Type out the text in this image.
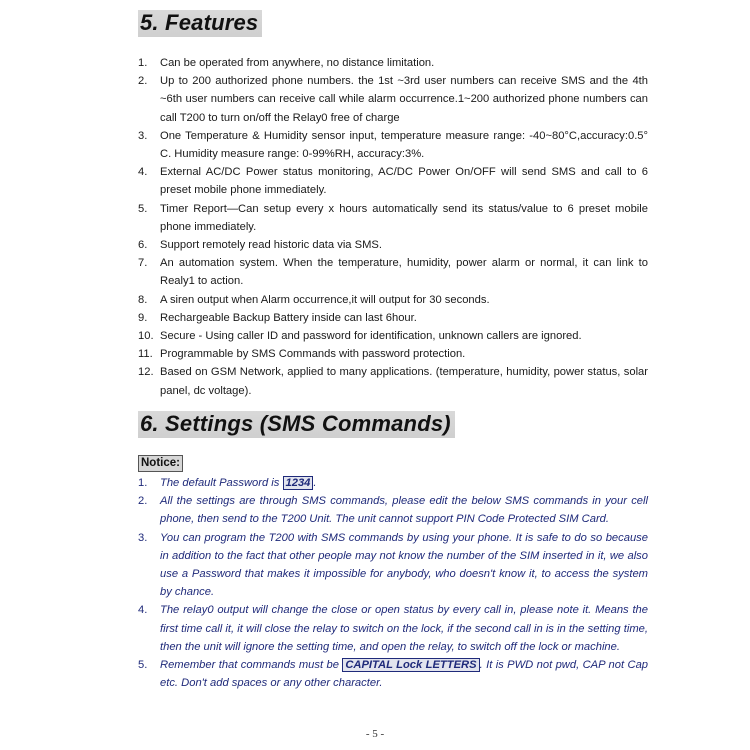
5. Features
1. Can be operated from anywhere, no distance limitation.
2. Up to 200 authorized phone numbers. the 1st ~3rd user numbers can receive SMS and the 4th ~6th user numbers can receive call while alarm occurrence.1~200 authorized phone numbers can call T200 to turn on/off the Relay0 free of charge
3. One Temperature & Humidity sensor input, temperature measure range: -40~80°C,accuracy:0.5° C. Humidity measure range: 0-99%RH, accuracy:3%.
4. External AC/DC Power status monitoring, AC/DC Power On/OFF will send SMS and call to 6 preset mobile phone immediately.
5. Timer Report—Can setup every x hours automatically send its status/value to 6 preset mobile phone immediately.
6. Support remotely read historic data via SMS.
7. An automation system. When the temperature, humidity, power alarm or normal, it can link to Realy1 to action.
8. A siren output when Alarm occurrence,it will output for 30 seconds.
9. Rechargeable Backup Battery inside can last 6hour.
10. Secure - Using caller ID and password for identification, unknown callers are ignored.
11. Programmable by SMS Commands with password protection.
12. Based on GSM Network, applied to many applications. (temperature, humidity, power status, solar panel, dc voltage).
6. Settings (SMS Commands)
Notice:
1. The default Password is 1234 .
2. All the settings are through SMS commands, please edit the below SMS commands in your cell phone, then send to the T200 Unit. The unit cannot support PIN Code Protected SIM Card.
3. You can program the T200 with SMS commands by using your phone. It is safe to do so because in addition to the fact that other people may not know the number of the SIM inserted in it, we also use a Password that makes it impossible for anybody, who doesn't know it, to access the system by chance.
4. The relay0 output will change the close or open status by every call in, please note it. Means the first time call it, it will close the relay to switch on the lock, if the second call in is in the setting time, then the unit will ignore the setting time, and open the relay, to switch off the lock or machine.
5. Remember that commands must be CAPITAL Lock LETTERS . It is PWD not pwd, CAP not Cap etc. Don't add spaces or any other character.
- 5 -
